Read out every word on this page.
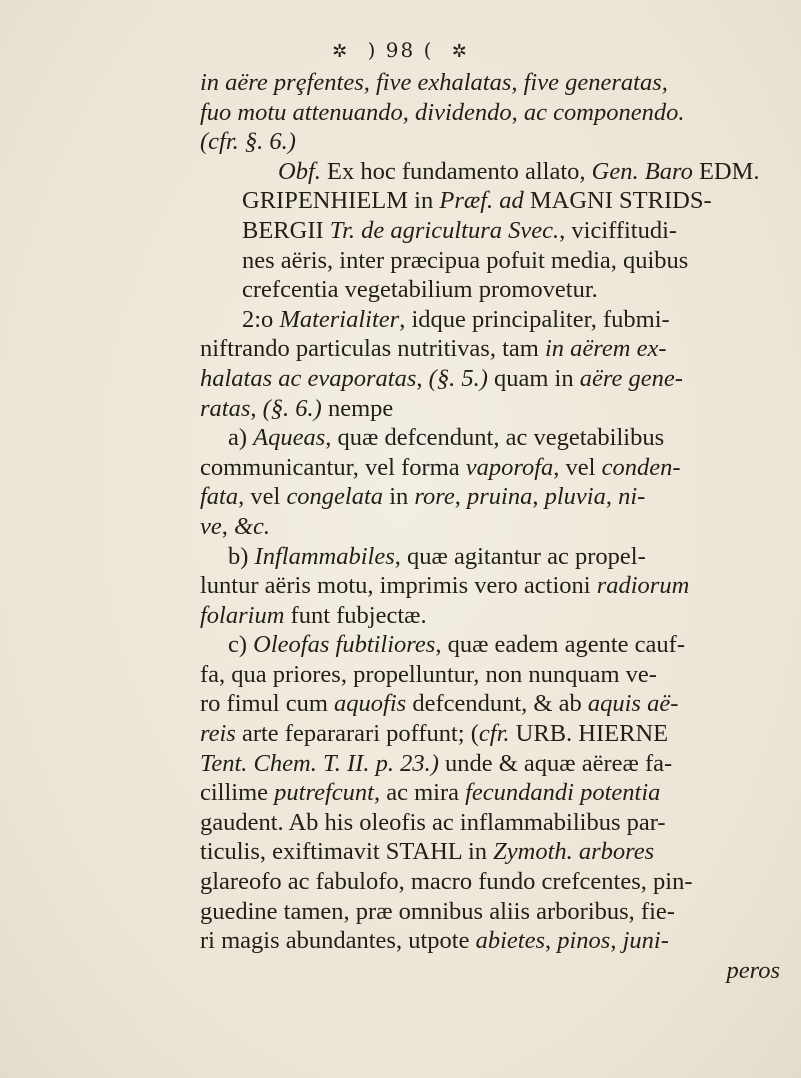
✲ ) 98 ( ✲
in aëre prȩfentes, five exhalatas, five generatas,
fuo motu attenuando, dividendo, ac componendo.
(cfr. §. 6.)
Obf. Ex hoc fundamento allato, Gen. Baro EDM.
GRIPENHIELM in Præf. ad MAGNI STRIDS-
BERGII Tr. de agricultura Svec., viciffitudi-
nes aëris, inter præcipua pofuit media, quibus
crefcentia vegetabilium promovetur.
2:o Materialiter, idque principaliter, fubmi-
niftrando particulas nutritivas, tam in aërem ex-
halatas ac evaporatas, (§. 5.) quam in aëre gene-
ratas, (§. 6.) nempe
a) Aqueas, quæ defcendunt, ac vegetabilibus
communicantur, vel forma vaporofa, vel conden-
fata, vel congelata in rore, pruina, pluvia, ni-
ve, &c.
b) Inflammabiles, quæ agitantur ac propel-
luntur aëris motu, imprimis vero actioni radiorum
folarium funt fubjectæ.
c) Oleofas fubtiliores, quæ eadem agente cauf-
fa, qua priores, propelluntur, non nunquam ve-
ro fimul cum aquofis defcendunt, & ab aquis aë-
reis arte fepararari poffunt; (cfr. URB. HIERNE
Tent. Chem. T. II. p. 23.) unde & aquæ aëreæ fa-
cillime putrefcunt, ac mira fecundandi potentia
gaudent. Ab his oleofis ac inflammabilibus par-
ticulis, exiftimavit STAHL in Zymoth. arbores
glareofo ac fabulofo, macro fundo crefcentes, pin-
guedine tamen, præ omnibus aliis arboribus, fie-
ri magis abundantes, utpote abietes, pinos, juni-
peros
